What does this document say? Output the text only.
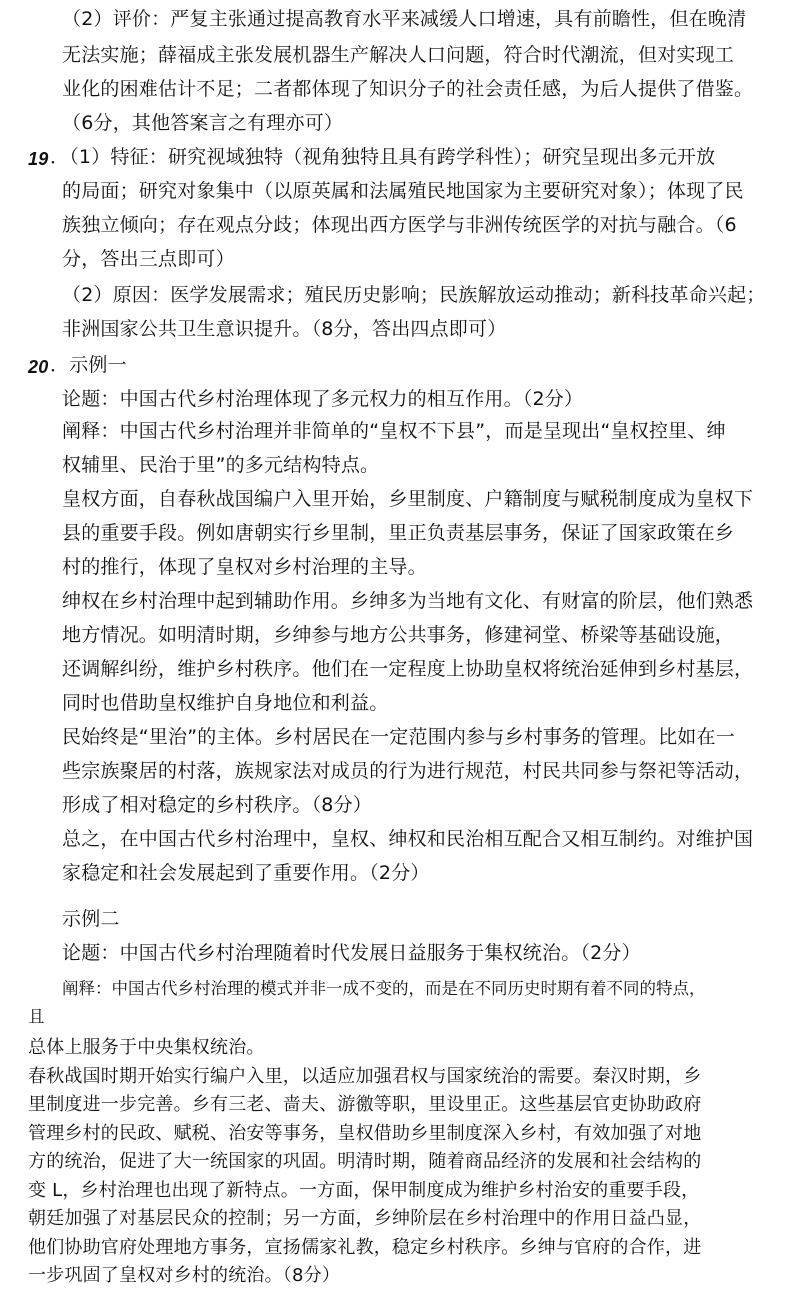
（2）评价：严复主张通过提高教育水平来减缓人口增速，具有前瞻性，但在晚清
无法实施；薛福成主张发展机器生产解决人口问题，符合时代潮流，但对实现工
业化的困难估计不足；二者都体现了知识分子的社会责任感，为后人提供了借鉴。
（6分，其他答案言之有理亦可）
19 ．（1）特征：研究视域独特（视角独特且具有跨学科性）；研究呈现出多元开放
的局面；研究对象集中（以原英属和法属殖民地国家为主要研究对象）；体现了民
族独立倾向；存在观点分歧；体现出西方医学与非洲传统医学的对抗与融合。（6
分，答出三点即可）
（2）原因：医学发展需求；殖民历史影响；民族解放运动推动；新科技革命兴起；
非洲国家公共卫生意识提升。（8分，答出四点即可）
20 ．示例一
论题：中国古代乡村治理体现了多元权力的相互作用。（2分）
阐释：中国古代乡村治理并非简单的“皇权不下县”，而是呈现出“皇权控里、绅
权辅里、民治于里”的多元结构特点。
皇权方面，自春秋战国编户入里开始，乡里制度、户籍制度与赋税制度成为皇权下
县的重要手段。例如唐朝实行乡里制，里正负责基层事务，保证了国家政策在乡
村的推行，体现了皇权对乡村治理的主导。
绅权在乡村治理中起到辅助作用。乡绅多为当地有文化、有财富的阶层，他们熟悉
地方情况。如明清时期，乡绅参与地方公共事务，修建祠堂、桥梁等基础设施，
还调解纠纷，维护乡村秩序。他们在一定程度上协助皇权将统治延伸到乡村基层，
同时也借助皇权维护自身地位和利益。
民始终是“里治”的主体。乡村居民在一定范围内参与乡村事务的管理。比如在一
些宗族聚居的村落，族规家法对成员的行为进行规范，村民共同参与祭祀等活动，
形成了相对稳定的乡村秩序。（8分）
总之，在中国古代乡村治理中，皇权、绅权和民治相互配合又相互制约。对维护国
家稳定和社会发展起到了重要作用。（2分）
示例二
论题：中国古代乡村治理随着时代发展日益服务于集权统治。（2分）
阐释：中国古代乡村治理的模式并非一成不变的，而是在不同历史时期有着不同的特点，
且
总体上服务于中央集权统治。
春秋战国时期开始实行编户入里，以适应加强君权与国家统治的需要。秦汉时期，乡
里制度进一步完善。乡有三老、啬夫、游徼等职，里设里正。这些基层官吏协助政府
管理乡村的民政、赋税、治安等事务，皇权借助乡里制度深入乡村，有效加强了对地
方的统治，促进了大一统国家的巩固。明清时期，随着商品经济的发展和社会结构的
变 L，乡村治理也出现了新特点。一方面，保甲制度成为维护乡村治安的重要手段，
朝廷加强了对基层民众的控制；另一方面，乡绅阶层在乡村治理中的作用日益凸显，
他们协助官府处理地方事务，宣扬儒家礼教，稳定乡村秩序。乡绅与官府的合作，进
一步巩固了皇权对乡村的统治。（8分）
